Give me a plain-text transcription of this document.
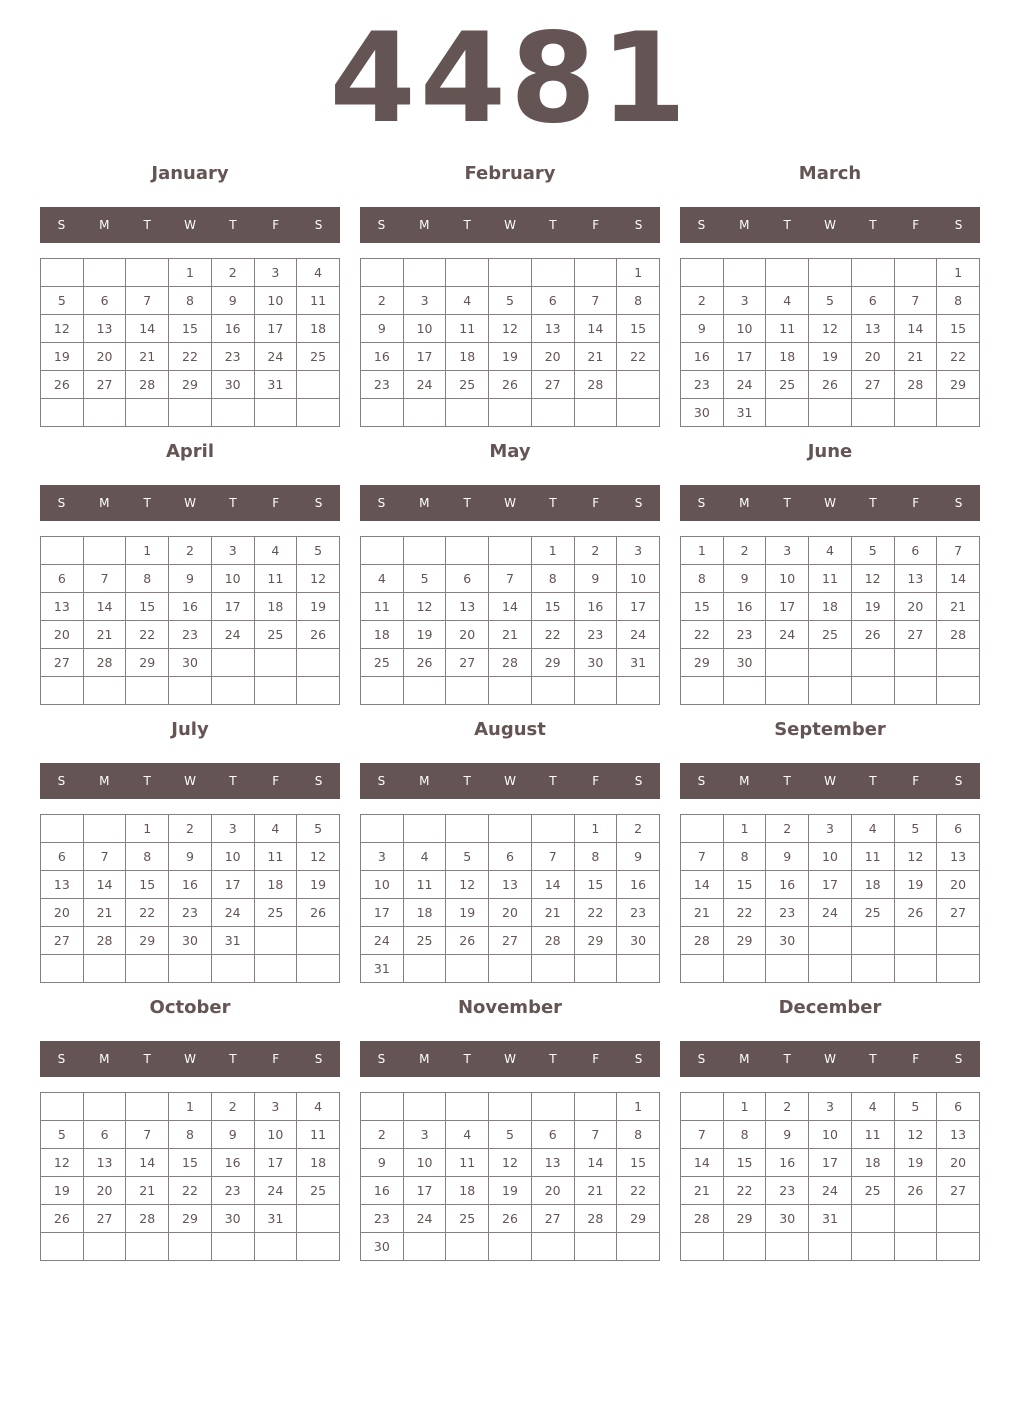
4481
January
S	M	T	W	T	F	S
			1	2	3	4
5	6	7	8	9	10	11
12	13	14	15	16	17	18
19	20	21	22	23	24	25
26	27	28	29	30	31	

February
S	M	T	W	T	F	S
						1
2	3	4	5	6	7	8
9	10	11	12	13	14	15
16	17	18	19	20	21	22
23	24	25	26	27	28	

March
S	M	T	W	T	F	S
						1
2	3	4	5	6	7	8
9	10	11	12	13	14	15
16	17	18	19	20	21	22
23	24	25	26	27	28	29
30	31					
April
S	M	T	W	T	F	S
		1	2	3	4	5
6	7	8	9	10	11	12
13	14	15	16	17	18	19
20	21	22	23	24	25	26
27	28	29	30			

May
S	M	T	W	T	F	S
				1	2	3
4	5	6	7	8	9	10
11	12	13	14	15	16	17
18	19	20	21	22	23	24
25	26	27	28	29	30	31

June
S	M	T	W	T	F	S
1	2	3	4	5	6	7
8	9	10	11	12	13	14
15	16	17	18	19	20	21
22	23	24	25	26	27	28
29	30					

July
S	M	T	W	T	F	S
		1	2	3	4	5
6	7	8	9	10	11	12
13	14	15	16	17	18	19
20	21	22	23	24	25	26
27	28	29	30	31		

August
S	M	T	W	T	F	S
					1	2
3	4	5	6	7	8	9
10	11	12	13	14	15	16
17	18	19	20	21	22	23
24	25	26	27	28	29	30
31						
September
S	M	T	W	T	F	S
	1	2	3	4	5	6
7	8	9	10	11	12	13
14	15	16	17	18	19	20
21	22	23	24	25	26	27
28	29	30				

October
S	M	T	W	T	F	S
			1	2	3	4
5	6	7	8	9	10	11
12	13	14	15	16	17	18
19	20	21	22	23	24	25
26	27	28	29	30	31	

November
S	M	T	W	T	F	S
						1
2	3	4	5	6	7	8
9	10	11	12	13	14	15
16	17	18	19	20	21	22
23	24	25	26	27	28	29
30						
December
S	M	T	W	T	F	S
	1	2	3	4	5	6
7	8	9	10	11	12	13
14	15	16	17	18	19	20
21	22	23	24	25	26	27
28	29	30	31			
